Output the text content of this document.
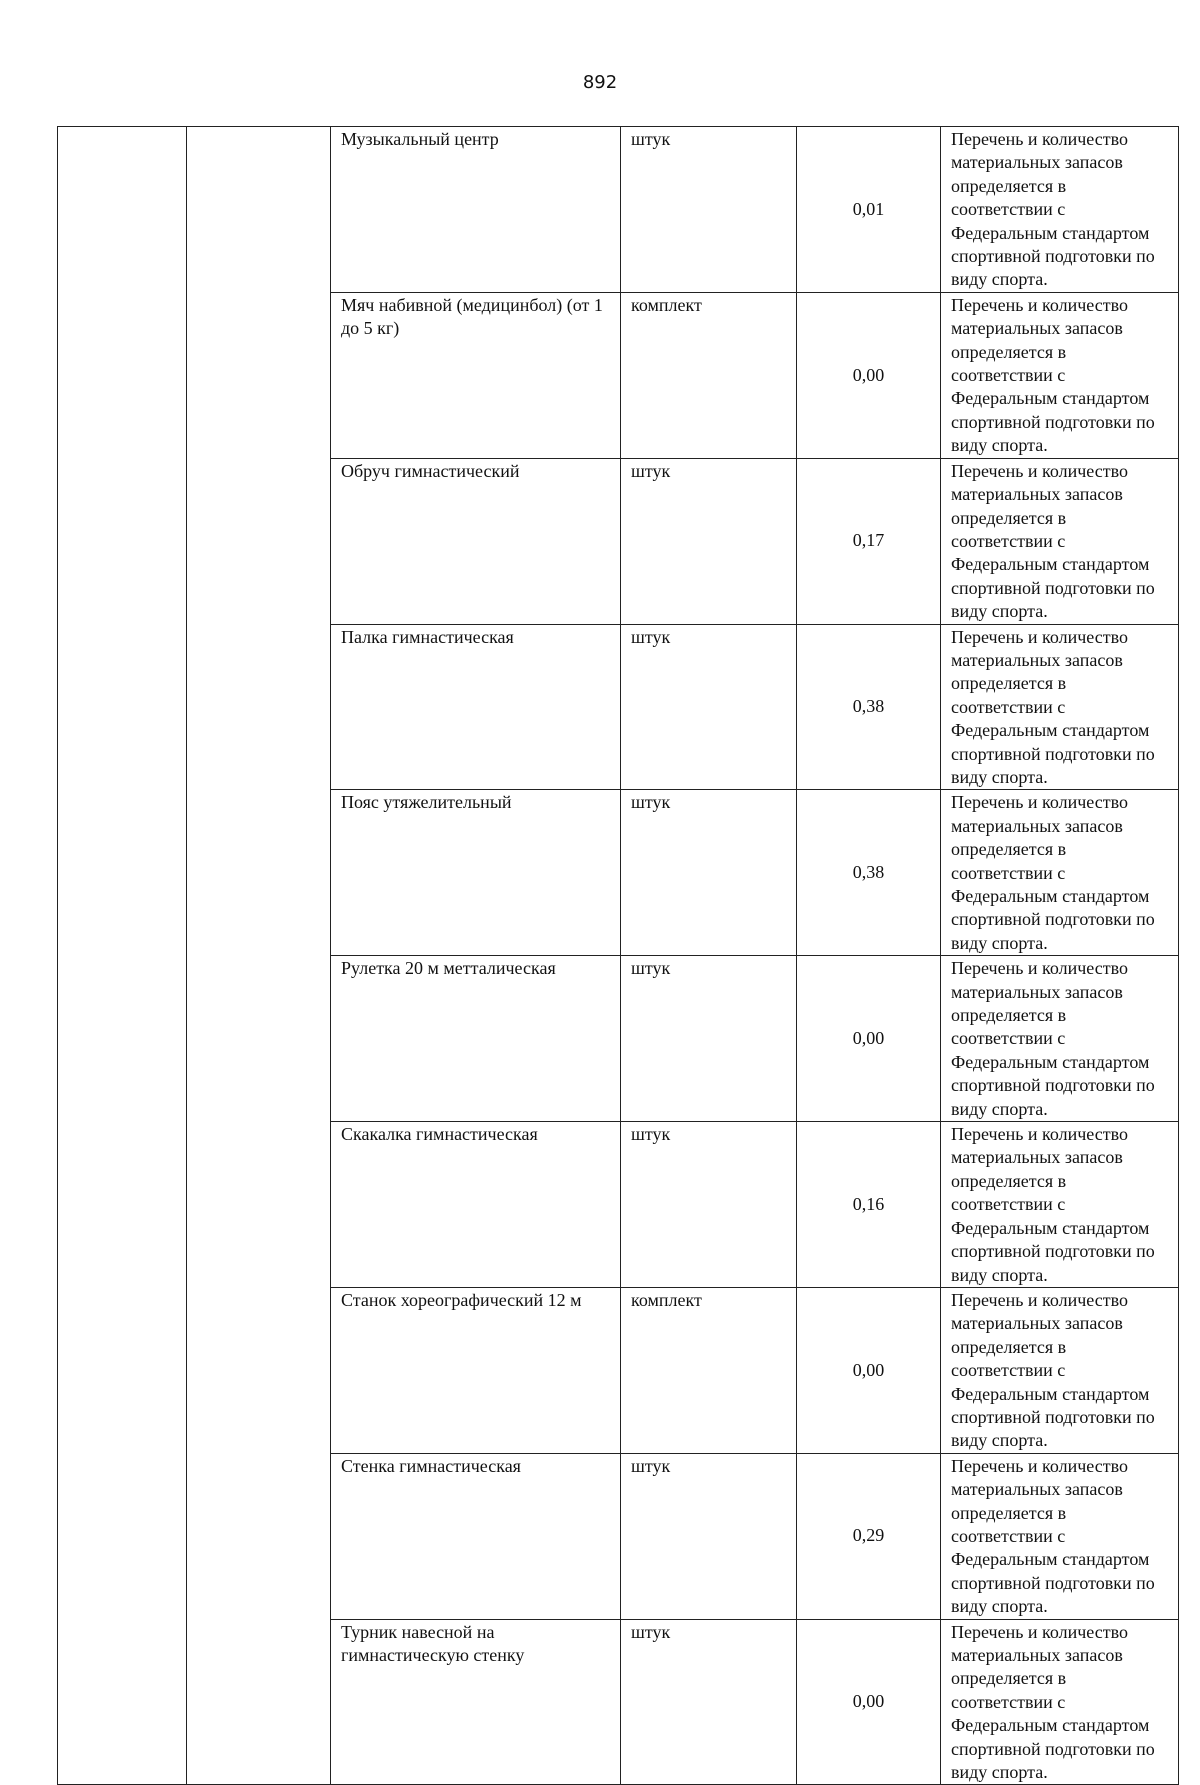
892

		Музыкальный центр	штук	0,01	Перечень и количество материальных запасов определяется в соответствии с Федеральным стандартом спортивной подготовки по виду спорта.

		Мяч набивной (медицинбол) (от 1 до 5 кг)	комплект	0,00	Перечень и количество материальных запасов определяется в соответствии с Федеральным стандартом спортивной подготовки по виду спорта.

		Обруч гимнастический	штук	0,17	Перечень и количество материальных запасов определяется в соответствии с Федеральным стандартом спортивной подготовки по виду спорта.

		Палка гимнастическая	штук	0,38	Перечень и количество материальных запасов определяется в соответствии с Федеральным стандартом спортивной подготовки по виду спорта.

		Пояс утяжелительный	штук	0,38	Перечень и количество материальных запасов определяется в соответствии с Федеральным стандартом спортивной подготовки по виду спорта.

		Рулетка 20 м метталическая	штук	0,00	Перечень и количество материальных запасов определяется в соответствии с Федеральным стандартом спортивной подготовки по виду спорта.

		Скакалка гимнастическая	штук	0,16	Перечень и количество материальных запасов определяется в соответствии с Федеральным стандартом спортивной подготовки по виду спорта.

		Станок хореографический 12 м	комплект	0,00	Перечень и количество материальных запасов определяется в соответствии с Федеральным стандартом спортивной подготовки по виду спорта.

		Стенка гимнастическая	штук	0,29	Перечень и количество материальных запасов определяется в соответствии с Федеральным стандартом спортивной подготовки по виду спорта.

		Турник навесной на гимнастическую стенку	штук	0,00	Перечень и количество материальных запасов определяется в соответствии с Федеральным стандартом спортивной подготовки по виду спорта.
